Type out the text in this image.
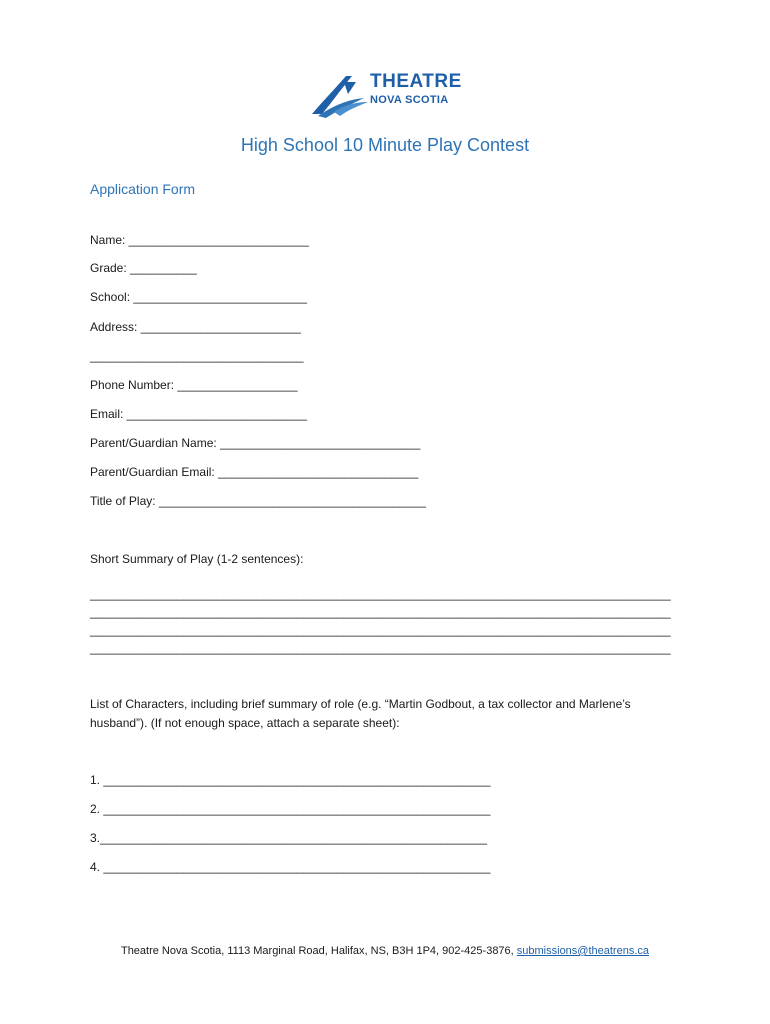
THEATRE
NOVA SCOTIA
High School 10 Minute Play Contest
Application Form
Name: ___________________________
Grade: __________
School: __________________________
Address: ________________________
________________________________
Phone Number: __________________
Email: ___________________________
Parent/Guardian Name: ______________________________
Parent/Guardian Email: ______________________________
Title of Play: ________________________________________
Short Summary of Play (1-2 sentences):
_______________________________________________________________________________________
_______________________________________________________________________________________
_______________________________________________________________________________________
_______________________________________________________________________________________
List of Characters, including brief summary of role (e.g. “Martin Godbout, a tax collector and Marlene’s
husband”). (If not enough space, attach a separate sheet):
1. __________________________________________________________
2. __________________________________________________________
3.__________________________________________________________
4. __________________________________________________________
Theatre Nova Scotia, 1113 Marginal Road, Halifax, NS, B3H 1P4, 902-425-3876, submissions@theatrens.ca
